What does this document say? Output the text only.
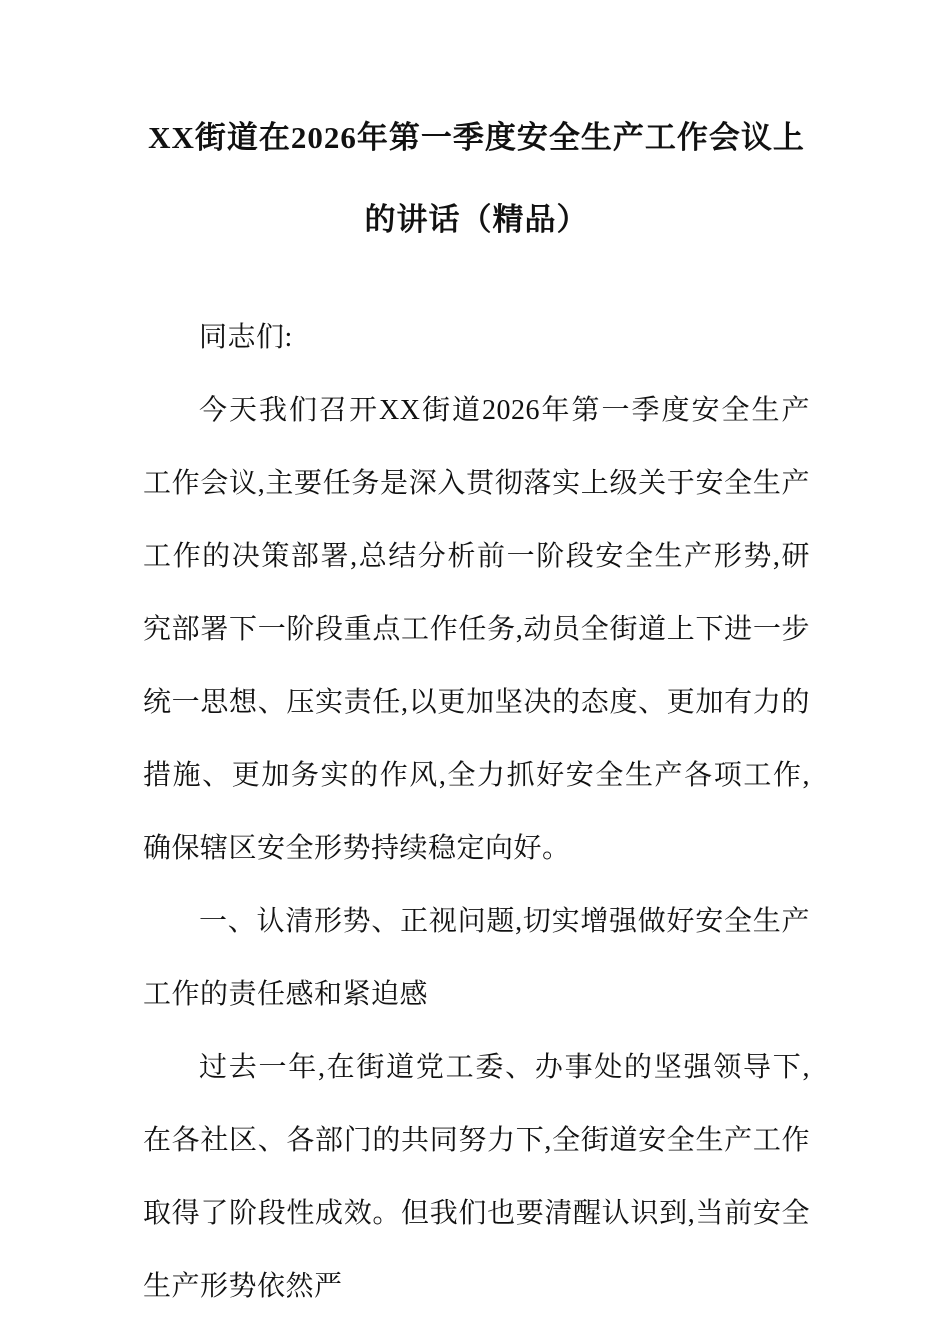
XX街道在2026年第一季度安全生产工作会议上的讲话（精品）

同志们:

今天我们召开XX街道2026年第一季度安全生产工作会议,主要任务是深入贯彻落实上级关于安全生产工作的决策部署,总结分析前一阶段安全生产形势,研究部署下一阶段重点工作任务,动员全街道上下进一步统一思想、压实责任,以更加坚决的态度、更加有力的措施、更加务实的作风,全力抓好安全生产各项工作,确保辖区安全形势持续稳定向好。

一、认清形势、正视问题,切实增强做好安全生产工作的责任感和紧迫感

过去一年,在街道党工委、办事处的坚强领导下,在各社区、各部门的共同努力下,全街道安全生产工作取得了阶段性成效。但我们也要清醒认识到,当前安全生产形势依然严
